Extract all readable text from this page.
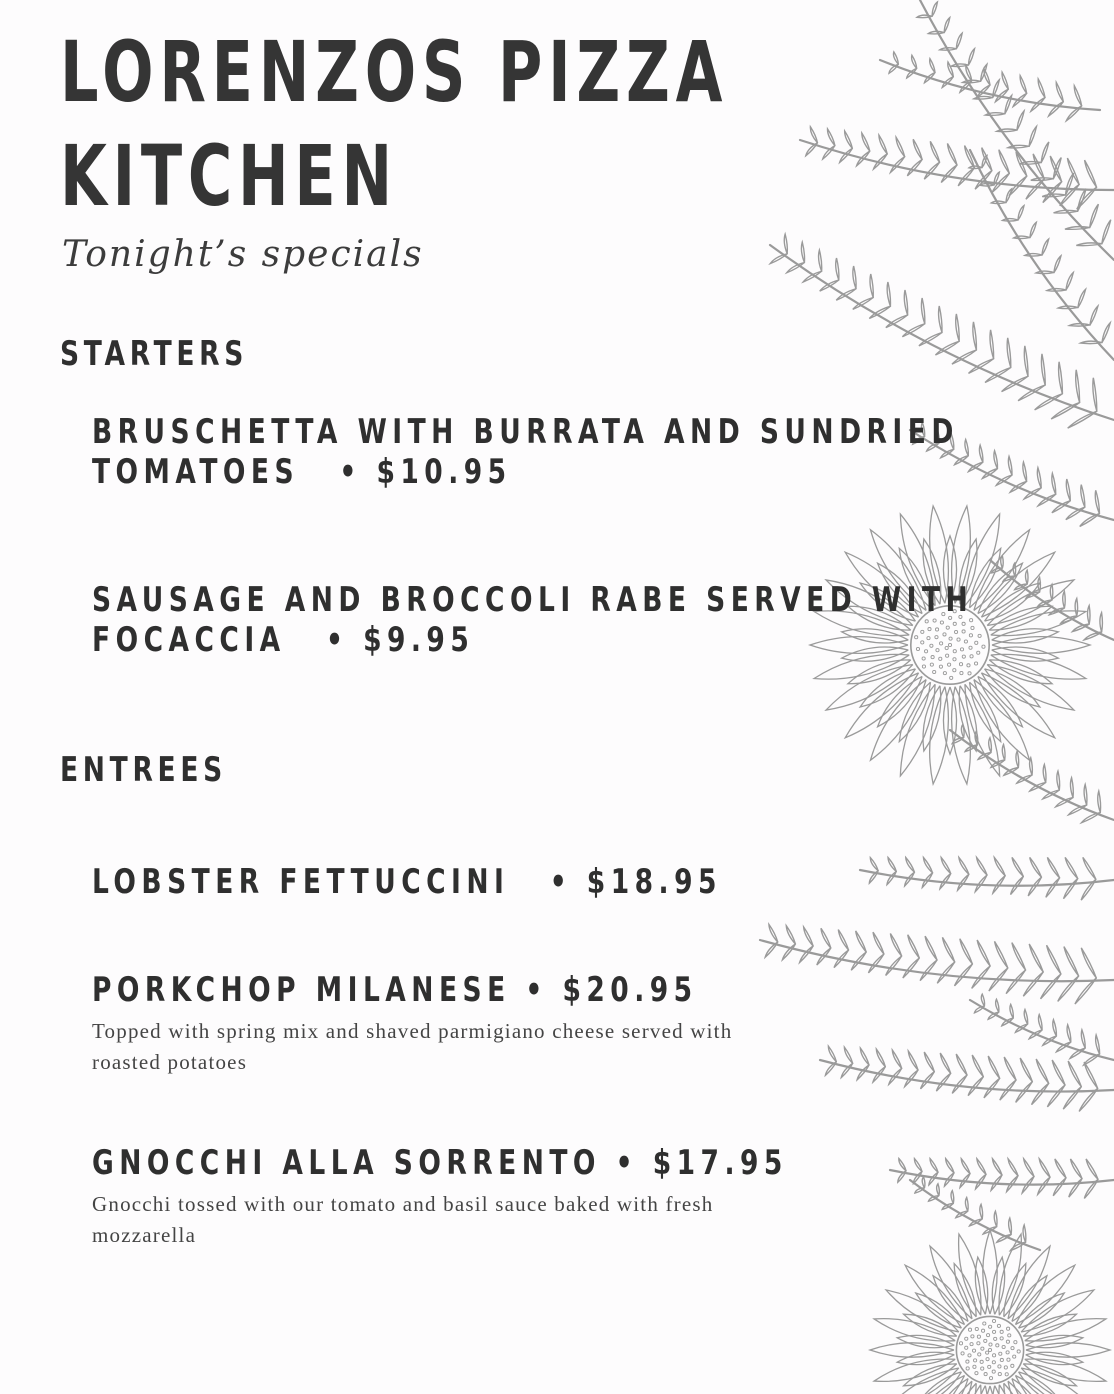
LORENZOS PIZZA
KITCHEN

Tonight’s specials

STARTERS
BRUSCHETTA WITH BURRATA AND SUNDRIED
TOMATOES • $10.95
SAUSAGE AND BROCCOLI RABE SERVED WITH
FOCACCIA • $9.95
ENTREES
LOBSTER FETTUCCINI • $18.95
PORKCHOP MILANESE • $20.95
Topped with spring mix and shaved parmigiano cheese served with
roasted potatoes
GNOCCHI ALLA SORRENTO • $17.95
Gnocchi tossed with our tomato and basil sauce baked with fresh
mozzarella
